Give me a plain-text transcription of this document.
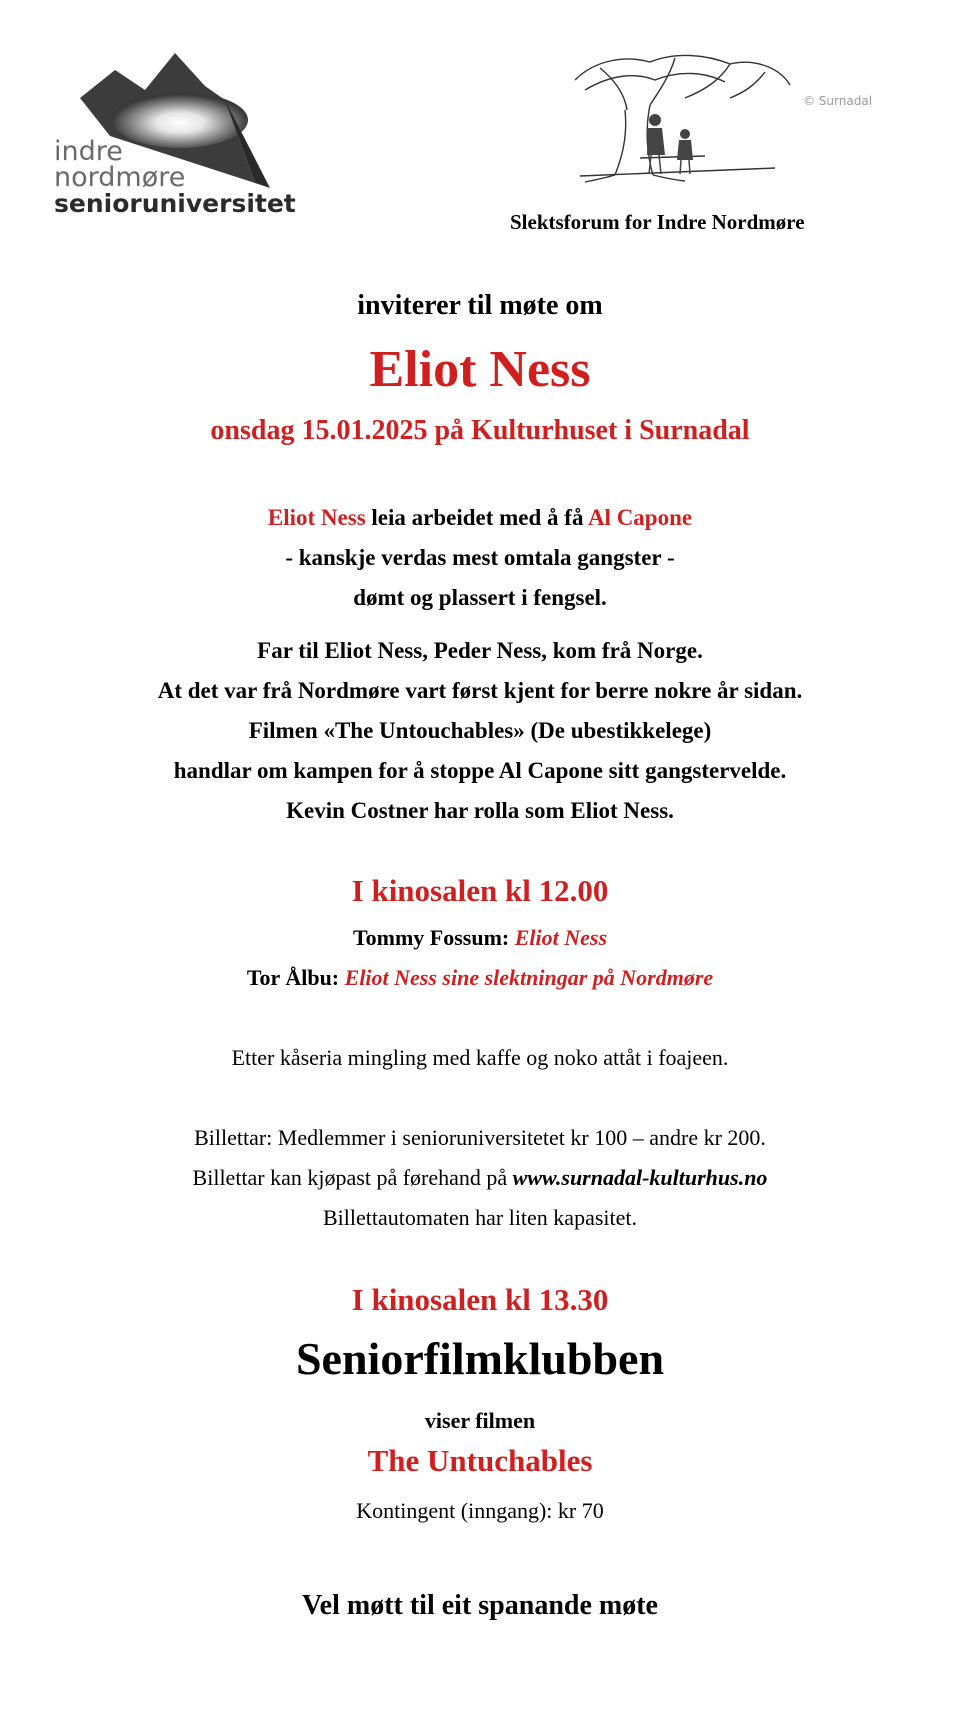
indre
nordmøre
senioruniversitet
© Surnadal
Slektsforum for Indre Nordmøre
inviterer til møte om
Eliot Ness
onsdag 15.01.2025 på Kulturhuset i Surnadal
Eliot Ness leia arbeidet med å få Al Capone
- kanskje verdas mest omtala gangster -
dømt og plassert i fengsel.
Far til Eliot Ness, Peder Ness, kom frå Norge.
At det var frå Nordmøre vart først kjent for berre nokre år sidan.
Filmen «The Untouchables» (De ubestikkelege)
handlar om kampen for å stoppe Al Capone sitt gangstervelde.
Kevin Costner har rolla som Eliot Ness.
I kinosalen kl 12.00
Tommy Fossum: Eliot Ness
Tor Ålbu: Eliot Ness sine slektningar på Nordmøre
Etter kåseria mingling med kaffe og noko attåt i foajeen.
Billettar: Medlemmer i senioruniversitetet kr 100 – andre kr 200.
Billettar kan kjøpast på førehand på www.surnadal-kulturhus.no
Billettautomaten har liten kapasitet.
I kinosalen kl 13.30
Seniorfilmklubben
viser filmen
The Untuchables
Kontingent (inngang): kr 70
Vel møtt til eit spanande møte
